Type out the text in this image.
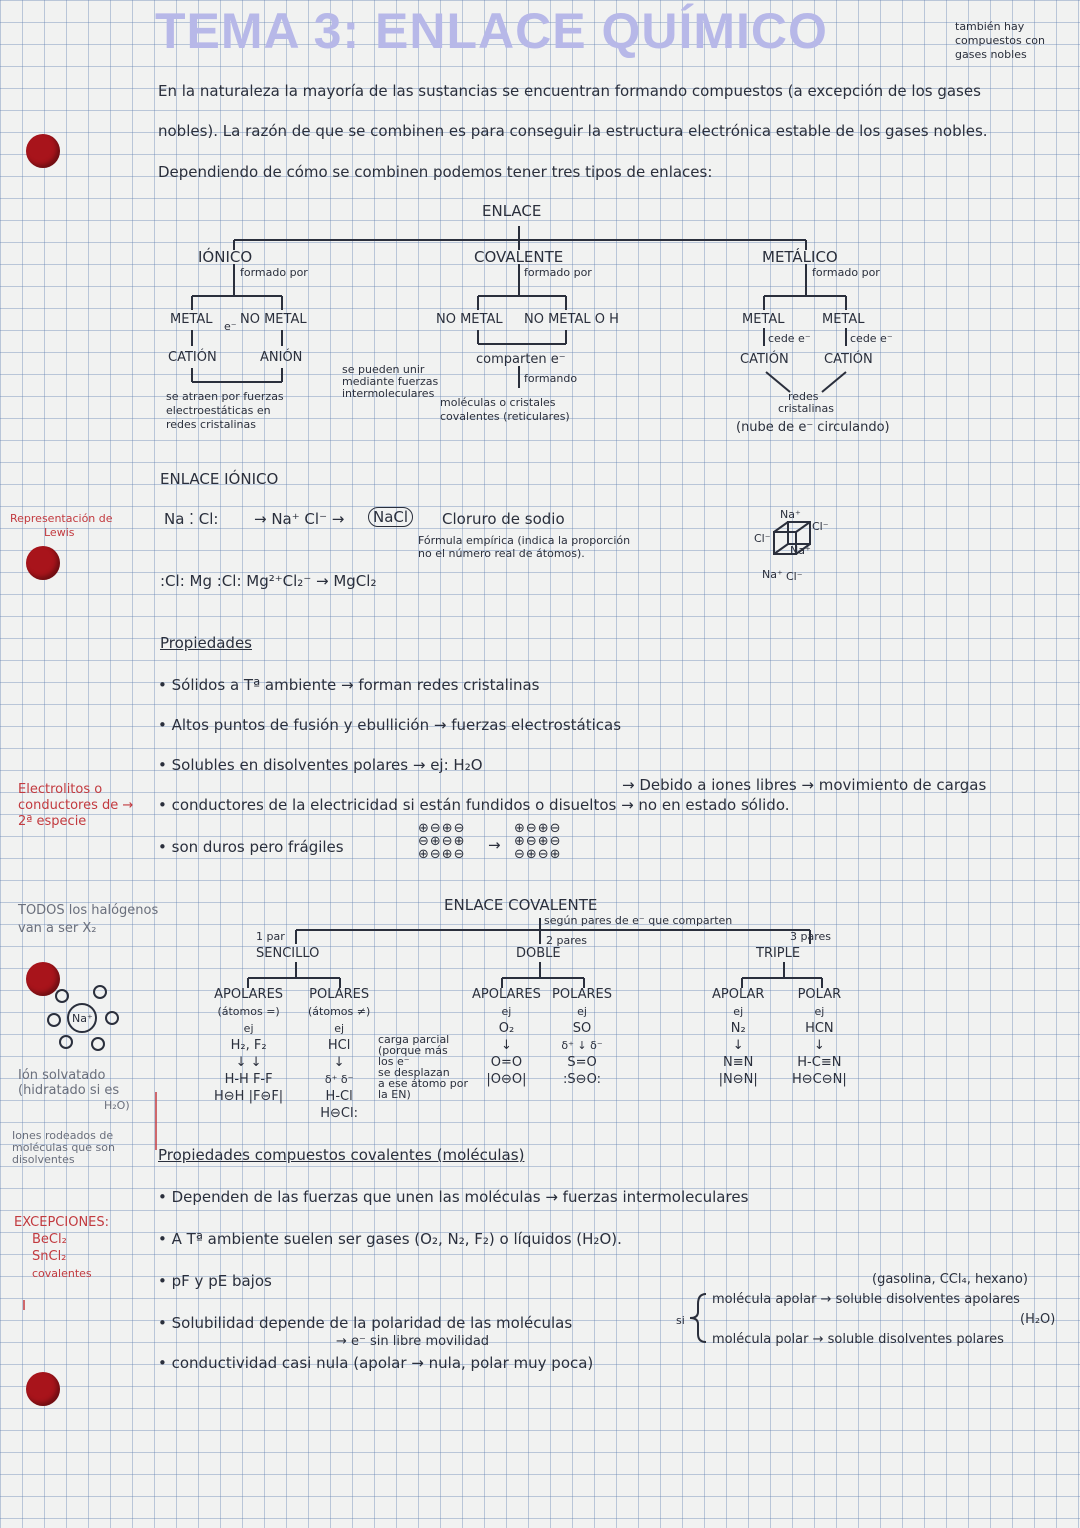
TEMA 3: ENLACE QUÍMICO	también hay
compuestos con
gases nobles
En la naturaleza la mayoría de las sustancias se encuentran formando compuestos (a excepción de los gases
nobles). La razón de que se combinen es para conseguir la estructura electrónica estable de los gases nobles.
Dependiendo de cómo se combinen podemos tener tres tipos de enlaces:
ENLACE
IÓNICO
formado por
METAL e⁻ NO METAL
CATIÓN	ANIÓN
se atraen por fuerzas
electroestáticas en
redes cristalinas
se pueden unir
mediante fuerzas
intermoleculares
COVALENTE
formado por
NO METAL NO METAL O H
comparten e⁻
formando
moléculas o cristales
covalentes (reticulares)
METÁLICO
formado por
METAL	METAL
cede e⁻	cede e⁻
CATIÓN	CATIÓN
redes
cristalinas
(nube de e⁻ circulando)
ENLACE IÓNICO
Representación de
Lewis
Na ⁚ Cl: → Na⁺ Cl⁻ →	NaCl	Cloruro de sodio
Fórmula empírica (indica la proporción
no el número real de átomos).
:Cl: Mg :Cl: Mg²⁺Cl₂⁻ → MgCl₂
Na⁺
Cl⁻
Cl⁻
Na⁺
Na⁺ Cl⁻
Propiedades
• Sólidos a Tª ambiente → forman redes cristalinas
• Altos puntos de fusión y ebullición → fuerzas electrostáticas
• Solubles en disolventes polares → ej: H₂O
→ Debido a iones libres → movimiento de cargas
• conductores de la electricidad si están fundidos o disueltos → no en estado sólido.
• son duros pero frágiles
⊕⊖⊕⊖
⊖⊕⊖⊕
⊕⊖⊕⊖
→
⊕⊖⊕⊖
⊕⊖⊕⊖
⊖⊕⊖⊕
Electrolitos o
conductores de →
2ª especie
ENLACE COVALENTE
según pares de e⁻ que comparten
1 par
SENCILLO
2 pares
DOBLE
3 pares
TRIPLE
APOLARES
(átomos =)
ej
H₂, F₂
↓ ↓
H-H F-F
H⊖H |F⊖F|
POLARES
(átomos ≠)
ej
HCl
↓
δ⁺ δ⁻
H-Cl
H⊖Cl:
carga parcial
(porque más
los e⁻
se desplazan
a ese átomo por
la EN)
APOLARES
ej
O₂
↓
O=O
|O⊖O|
POLARES
ej
SO
δ⁺ ↓ δ⁻
S=O
:S⊖O:
APOLAR
ej
N₂
↓
N≡N
|N⊖N|
POLAR
ej
HCN
↓
H-C≡N
H⊖C⊖N|
TODOS los halógenos
van a ser X₂
Na⁺
Ión solvatado
(hidratado si es
H₂O)
Iones rodeados de
moléculas que son
disolventes
EXCEPCIONES:
BeCl₂
SnCl₂
covalentes
Propiedades compuestos covalentes (moléculas)
• Dependen de las fuerzas que unen las moléculas → fuerzas intermoleculares
• A Tª ambiente suelen ser gases (O₂, N₂, F₂) o líquidos (H₂O).
• pF y pE bajos	(gasolina, CCl₄, hexano)
• Solubilidad depende de la polaridad de las moléculas	si
molécula apolar → soluble disolventes apolares
(H₂O)
molécula polar → soluble disolventes polares
→ e⁻ sin libre movilidad
• conductividad casi nula (apolar → nula, polar muy poca)
